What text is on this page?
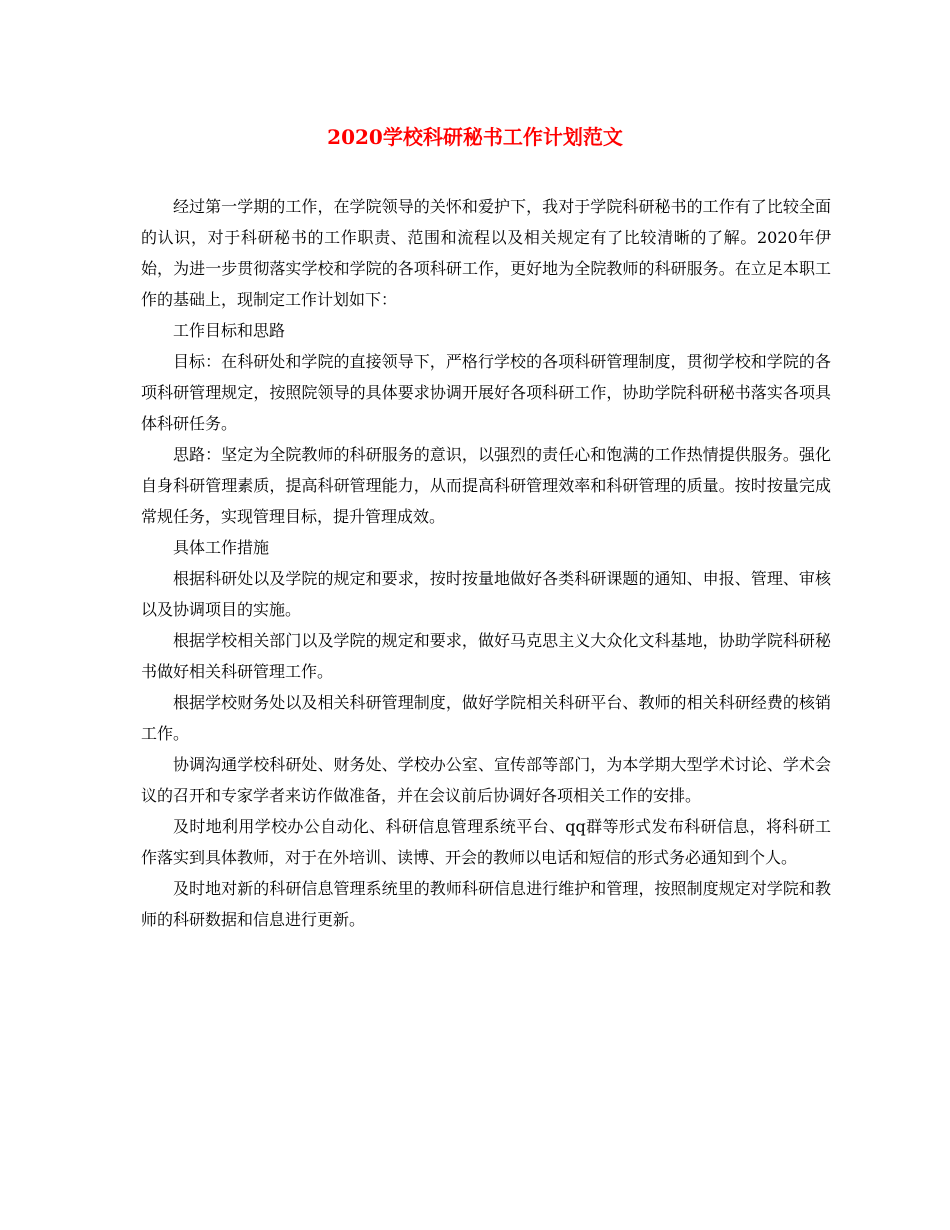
2020学校科研秘书工作计划范文

经过第一学期的工作，在学院领导的关怀和爱护下，我对于学院科研秘书的工作有了比较全面的认识，对于科研秘书的工作职责、范围和流程以及相关规定有了比较清晰的了解。2020年伊始，为进一步贯彻落实学校和学院的各项科研工作，更好地为全院教师的科研服务。在立足本职工作的基础上，现制定工作计划如下：

工作目标和思路

目标：在科研处和学院的直接领导下，严格行学校的各项科研管理制度，贯彻学校和学院的各项科研管理规定，按照院领导的具体要求协调开展好各项科研工作，协助学院科研秘书落实各项具体科研任务。

思路：坚定为全院教师的科研服务的意识，以强烈的责任心和饱满的工作热情提供服务。强化自身科研管理素质，提高科研管理能力，从而提高科研管理效率和科研管理的质量。按时按量完成常规任务，实现管理目标，提升管理成效。

具体工作措施

根据科研处以及学院的规定和要求，按时按量地做好各类科研课题的通知、申报、管理、审核以及协调项目的实施。

根据学校相关部门以及学院的规定和要求，做好马克思主义大众化文科基地，协助学院科研秘书做好相关科研管理工作。

根据学校财务处以及相关科研管理制度，做好学院相关科研平台、教师的相关科研经费的核销工作。

协调沟通学校科研处、财务处、学校办公室、宣传部等部门，为本学期大型学术讨论、学术会议的召开和专家学者来访作做准备，并在会议前后协调好各项相关工作的安排。

及时地利用学校办公自动化、科研信息管理系统平台、qq群等形式发布科研信息，将科研工作落实到具体教师，对于在外培训、读博、开会的教师以电话和短信的形式务必通知到个人。

及时地对新的科研信息管理系统里的教师科研信息进行维护和管理，按照制度规定对学院和教师的科研数据和信息进行更新。
